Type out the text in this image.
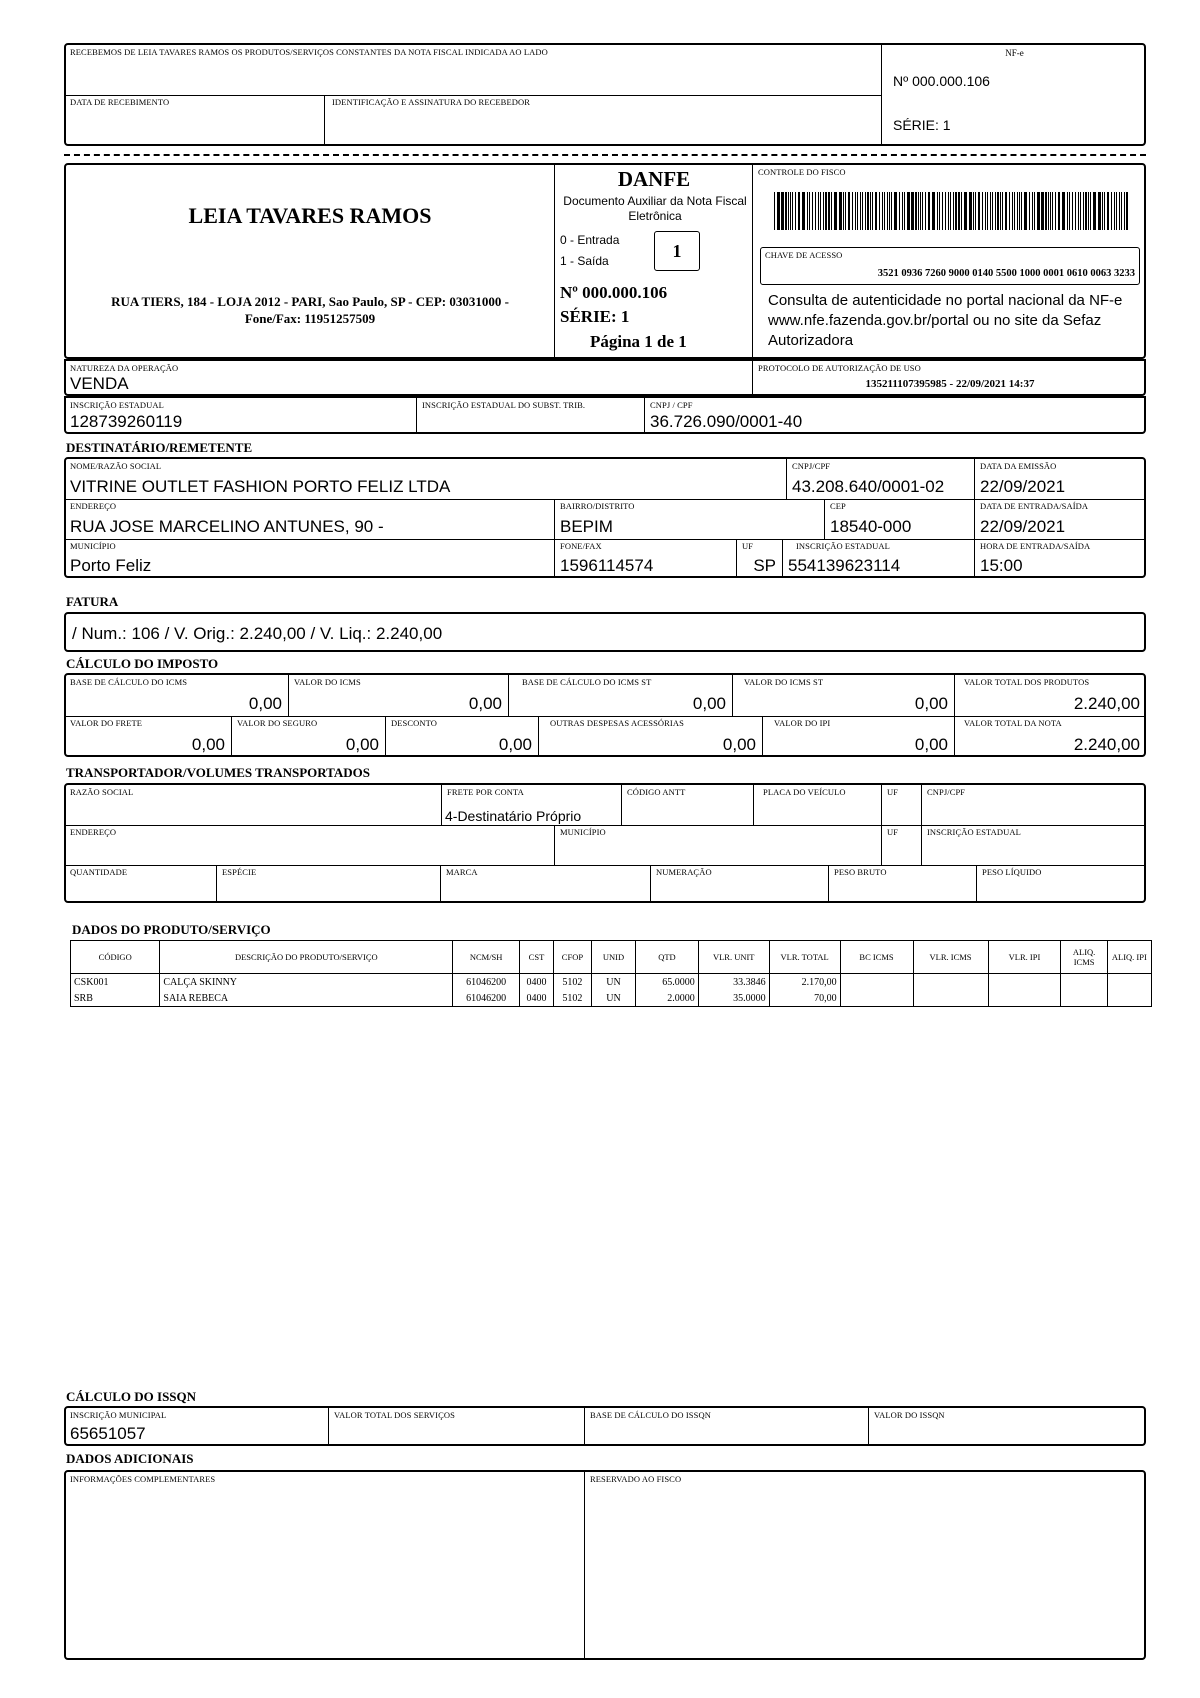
RECEBEMOS DE LEIA TAVARES RAMOS OS PRODUTOS/SERVIÇOS CONSTANTES DA NOTA FISCAL INDICADA AO LADO
DATA DE RECEBIMENTO	IDENTIFICAÇÃO E ASSINATURA DO RECEBEDOR
NF-e
Nº 000.000.106
SÉRIE: 1
LEIA TAVARES RAMOS
RUA TIERS, 184 - LOJA 2012 - PARI, Sao Paulo, SP - CEP: 03031000 - Fone/Fax: 11951257509
DANFE
Documento Auxiliar da Nota Fiscal Eletrônica
0 - Entrada
1 - Saída	1
Nº 000.000.106
SÉRIE: 1
Página 1 de 1
CONTROLE DO FISCO
CHAVE DE ACESSO
3521 0936 7260 9000 0140 5500 1000 0001 0610 0063 3233
Consulta de autenticidade no portal nacional da NF-e www.nfe.fazenda.gov.br/portal ou no site da Sefaz Autorizadora
NATUREZA DA OPERAÇÃO
VENDA
PROTOCOLO DE AUTORIZAÇÃO DE USO
135211107395985 - 22/09/2021 14:37
INSCRIÇÃO ESTADUAL
128739260119
INSCRIÇÃO ESTADUAL DO SUBST. TRIB.	CNPJ / CPF
36.726.090/0001-40
DESTINATÁRIO/REMETENTE
NOME/RAZÃO SOCIAL
VITRINE OUTLET FASHION PORTO FELIZ LTDA
CNPJ/CPF
43.208.640/0001-02
DATA DA EMISSÃO
22/09/2021
ENDEREÇO
RUA JOSE MARCELINO ANTUNES, 90 -
BAIRRO/DISTRITO
BEPIM
CEP
18540-000
DATA DE ENTRADA/SAÍDA
22/09/2021
MUNICÍPIO
Porto Feliz
FONE/FAX
1596114574
UF
SP
INSCRIÇÃO ESTADUAL
554139623114
HORA DE ENTRADA/SAÍDA
15:00
FATURA
/ Num.: 106 / V. Orig.: 2.240,00 / V. Liq.: 2.240,00
CÁLCULO DO IMPOSTO
BASE DE CÁLCULO DO ICMS
0,00
VALOR DO ICMS
0,00
BASE DE CÁLCULO DO ICMS ST
0,00
VALOR DO ICMS ST
0,00
VALOR TOTAL DOS PRODUTOS
2.240,00
VALOR DO FRETE
0,00
VALOR DO SEGURO
0,00
DESCONTO
0,00
OUTRAS DESPESAS ACESSÓRIAS
0,00
VALOR DO IPI
0,00
VALOR TOTAL DA NOTA
2.240,00
TRANSPORTADOR/VOLUMES TRANSPORTADOS
RAZÃO SOCIAL	FRETE POR CONTA
4-Destinatário Próprio
CÓDIGO ANTT	PLACA DO VEÍCULO	UF	CNPJ/CPF
ENDEREÇO	MUNICÍPIO	UF	INSCRIÇÃO ESTADUAL
QUANTIDADE	ESPÉCIE	MARCA	NUMERAÇÃO	PESO BRUTO	PESO LÍQUIDO
DADOS DO PRODUTO/SERVIÇO
CÓDIGO	DESCRIÇÃO DO PRODUTO/SERVIÇO	NCM/SH	CST	CFOP	UNID	QTD	VLR. UNIT	VLR. TOTAL	BC ICMS	VLR. ICMS	VLR. IPI	ALIQ. ICMS	ALIQ. IPI
CSK001	CALÇA SKINNY	61046200	0400	5102	UN	65.0000	33.3846	2.170,00					
SRB	SAIA REBECA	61046200	0400	5102	UN	2.0000	35.0000	70,00					
CÁLCULO DO ISSQN
INSCRIÇÃO MUNICIPAL
65651057
VALOR TOTAL DOS SERVIÇOS	BASE DE CÁLCULO DO ISSQN	VALOR DO ISSQN
DADOS ADICIONAIS
INFORMAÇÕES COMPLEMENTARES	RESERVADO AO FISCO
